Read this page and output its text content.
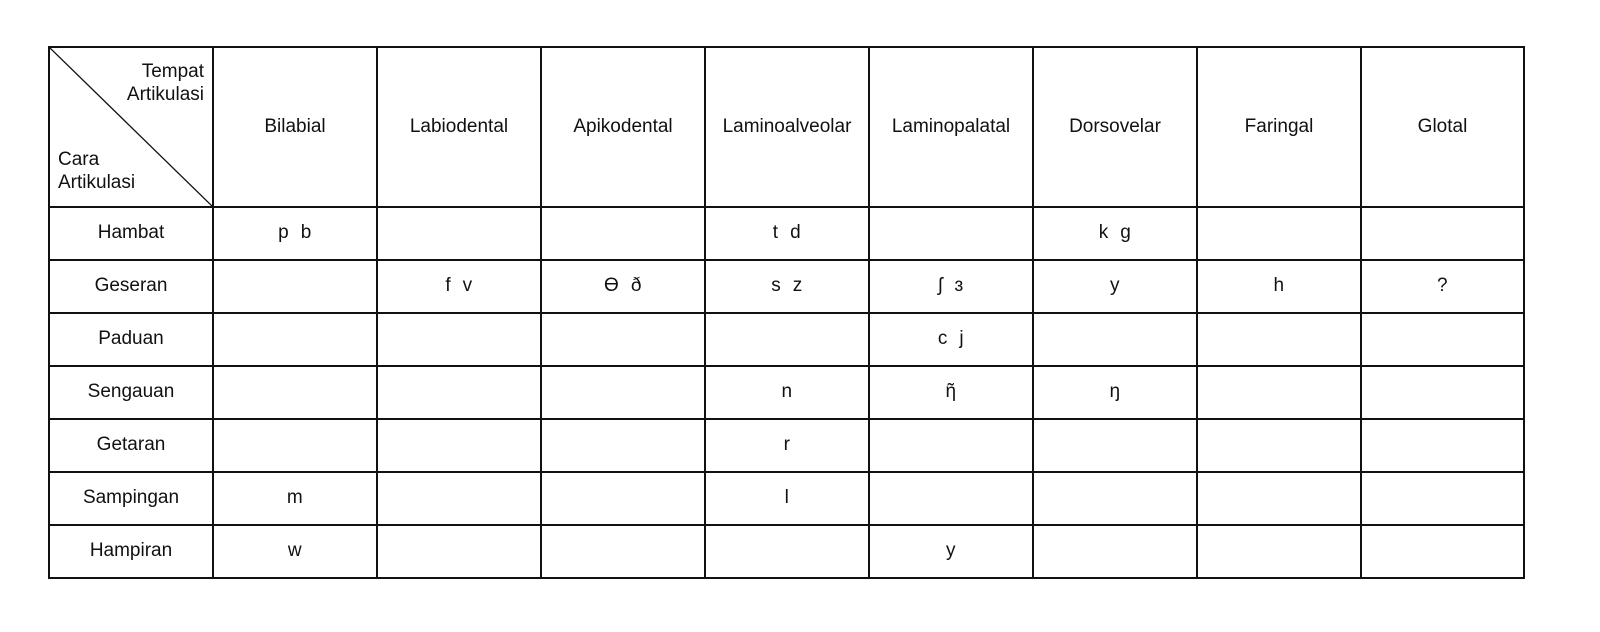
Tempat
Artikulasi
Cara
Artikulasi	Bilabial	Labiodental	Apikodental	Laminoalveolar	Laminopalatal	Dorsovelar	Faringal	Glotal
Hambat	p  b			t  d		k  g		
Geseran		f  v	Ɵ  ð	s  z	ʃ  ɜ	y	h	?
Paduan					c  j			
Sengauan				n	ῆ	ŋ		
Getaran				r				
Sampingan	m			l				
Hampiran	w				y			
